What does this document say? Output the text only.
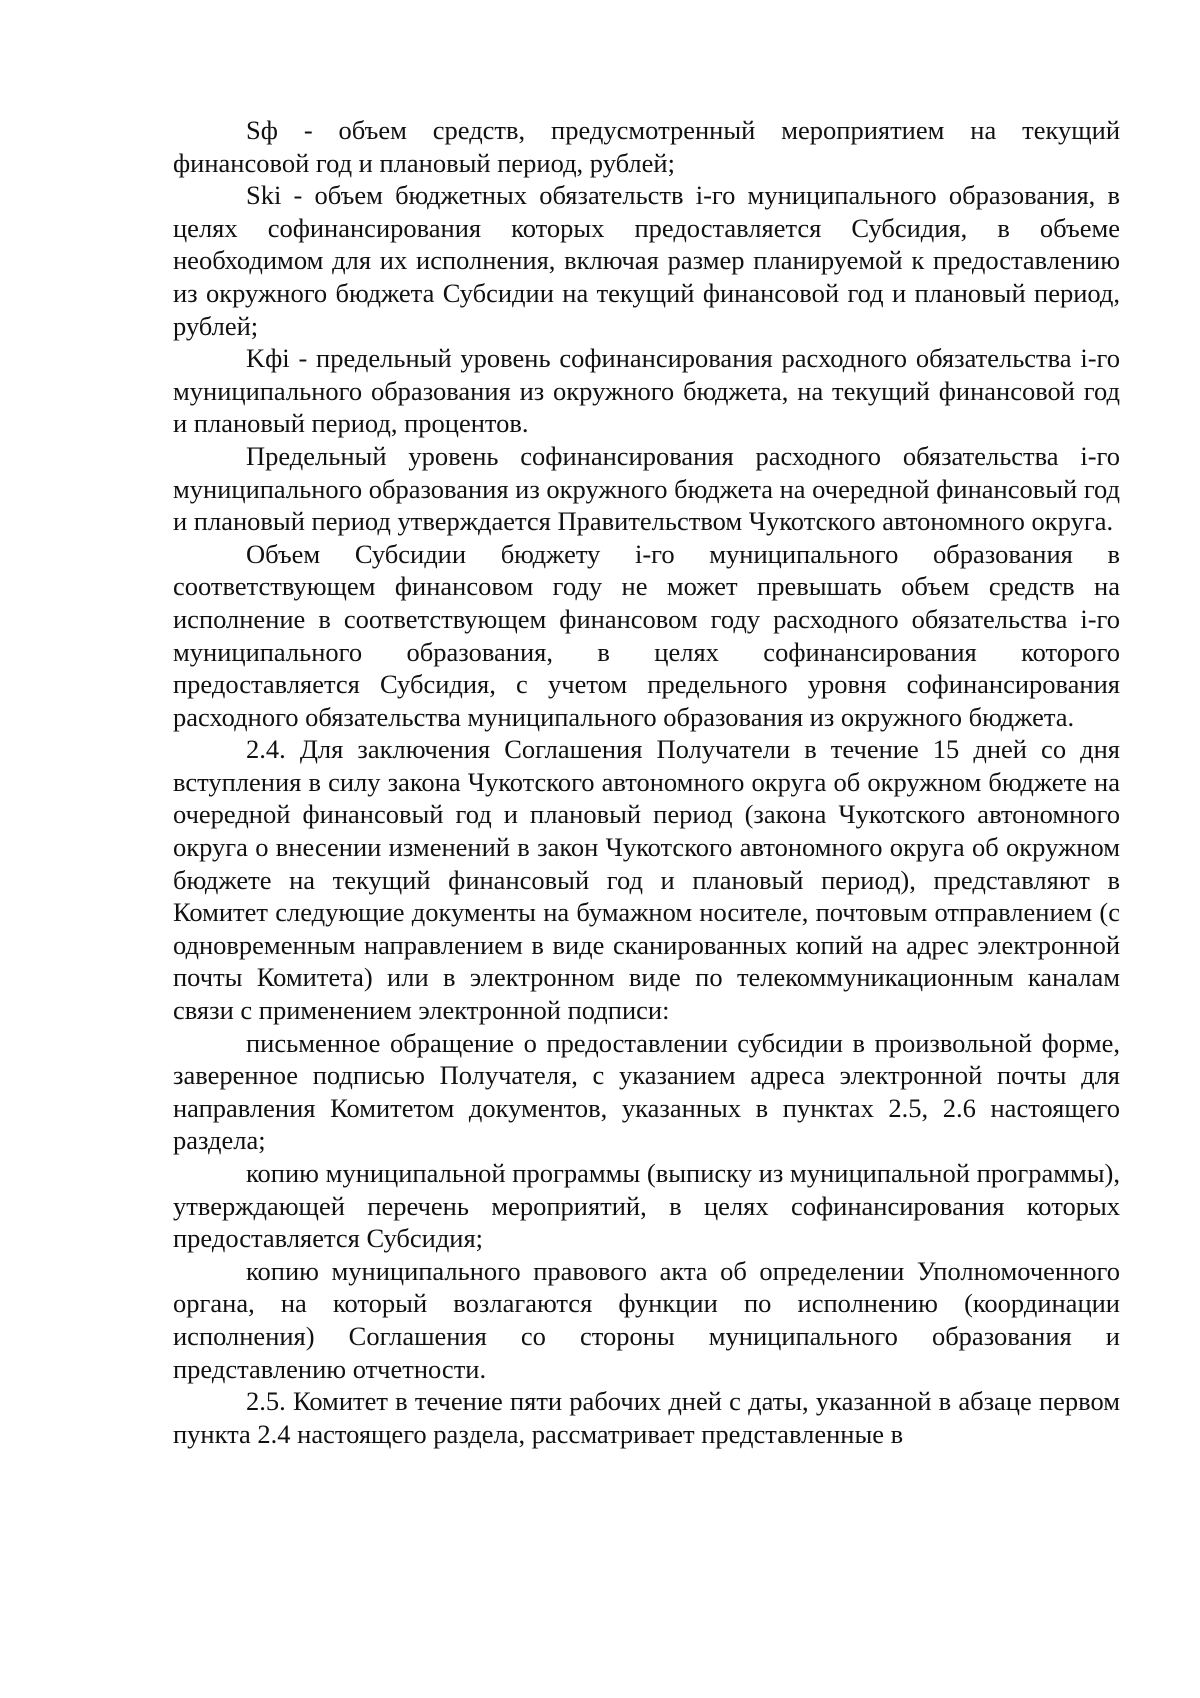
Sф - объем средств, предусмотренный мероприятием на текущий финансовой год и плановый период, рублей;

Ski - объем бюджетных обязательств i-го муниципального образования, в целях софинансирования которых предоставляется Субсидия, в объеме необходимом для их исполнения, включая размер планируемой к предоставлению из окружного бюджета Субсидии на текущий финансовой год и плановый период, рублей;

Kфi - предельный уровень софинансирования расходного обязательства i-го муниципального образования из окружного бюджета, на текущий финансовой год и плановый период, процентов.

Предельный уровень софинансирования расходного обязательства i-го муниципального образования из окружного бюджета на очередной финансовый год и плановый период утверждается Правительством Чукотского автономного округа.

Объем Субсидии бюджету i-го муниципального образования в соответствующем финансовом году не может превышать объем средств на исполнение в соответствующем финансовом году расходного обязательства i-го муниципального образования, в целях софинансирования которого предоставляется Субсидия, с учетом предельного уровня софинансирования расходного обязательства муниципального образования из окружного бюджета.

2.4. Для заключения Соглашения Получатели в течение 15 дней со дня вступления в силу закона Чукотского автономного округа об окружном бюджете на очередной финансовый год и плановый период (закона Чукотского автономного округа о внесении изменений в закон Чукотского автономного округа об окружном бюджете на текущий финансовый год и плановый период), представляют в Комитет следующие документы на бумажном носителе, почтовым отправлением (с одновременным направлением в виде сканированных копий на адрес электронной почты Комитета) или в электронном виде по телекоммуникационным каналам связи с применением электронной подписи:

письменное обращение о предоставлении субсидии в произвольной форме, заверенное подписью Получателя, с указанием адреса электронной почты для направления Комитетом документов, указанных в пунктах 2.5, 2.6 настоящего раздела;

копию муниципальной программы (выписку из муниципальной программы), утверждающей перечень мероприятий, в целях софинансирования которых предоставляется Субсидия;

копию муниципального правового акта об определении Уполномоченного органа, на который возлагаются функции по исполнению (координации исполнения) Соглашения со стороны муниципального образования и представлению отчетности.

2.5. Комитет в течение пяти рабочих дней с даты, указанной в абзаце первом пункта 2.4 настоящего раздела, рассматривает представленные в
